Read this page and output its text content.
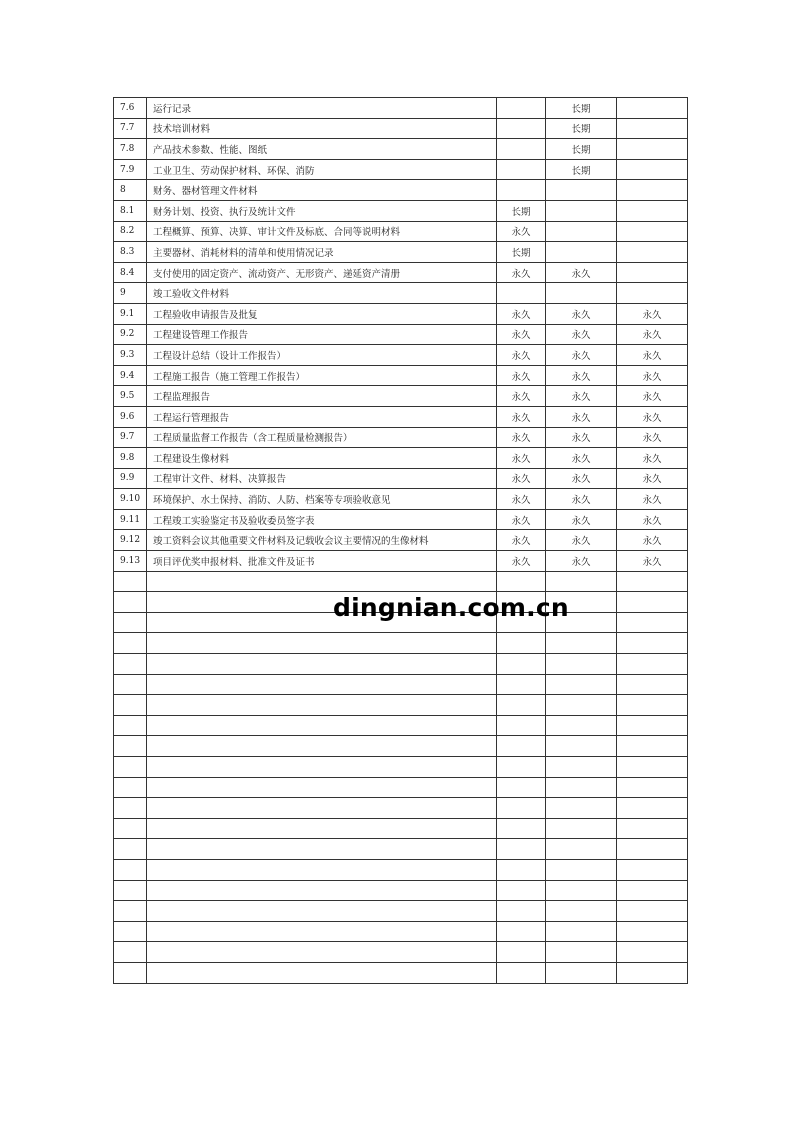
7.6	运行记录		长期	
7.7	技术培训材料		长期	
7.8	产品技术参数、性能、图纸		长期	
7.9	工业卫生、劳动保护材料、环保、消防		长期	
8	财务、器材管理文件材料			
8.1	财务计划、投资、执行及统计文件	长期		
8.2	工程概算、预算、决算、审计文件及标底、合同等说明材料	永久		
8.3	主要器材、消耗材料的清单和使用情况记录	长期		
8.4	支付使用的固定资产、流动资产、无形资产、递延资产清册	永久	永久	
9	竣工验收文件材料			
9.1	工程验收申请报告及批复	永久	永久	永久
9.2	工程建设管理工作报告	永久	永久	永久
9.3	工程设计总结（设计工作报告）	永久	永久	永久
9.4	工程施工报告（施工管理工作报告）	永久	永久	永久
9.5	工程监理报告	永久	永久	永久
9.6	工程运行管理报告	永久	永久	永久
9.7	工程质量监督工作报告（含工程质量检测报告）	永久	永久	永久
9.8	工程建设生像材料	永久	永久	永久
9.9	工程审计文件、材料、决算报告	永久	永久	永久
9.10	环境保护、水土保持、消防、人防、档案等专项验收意见	永久	永久	永久
9.11	工程竣工实验鉴定书及验收委员签字表	永久	永久	永久
9.12	竣工资料会议其他重要文件材料及记载收会议主要情况的生像材料	永久	永久	永久
9.13	项目评优奖申报材料、批准文件及证书	永久	永久	永久

dingnian.com.cn
